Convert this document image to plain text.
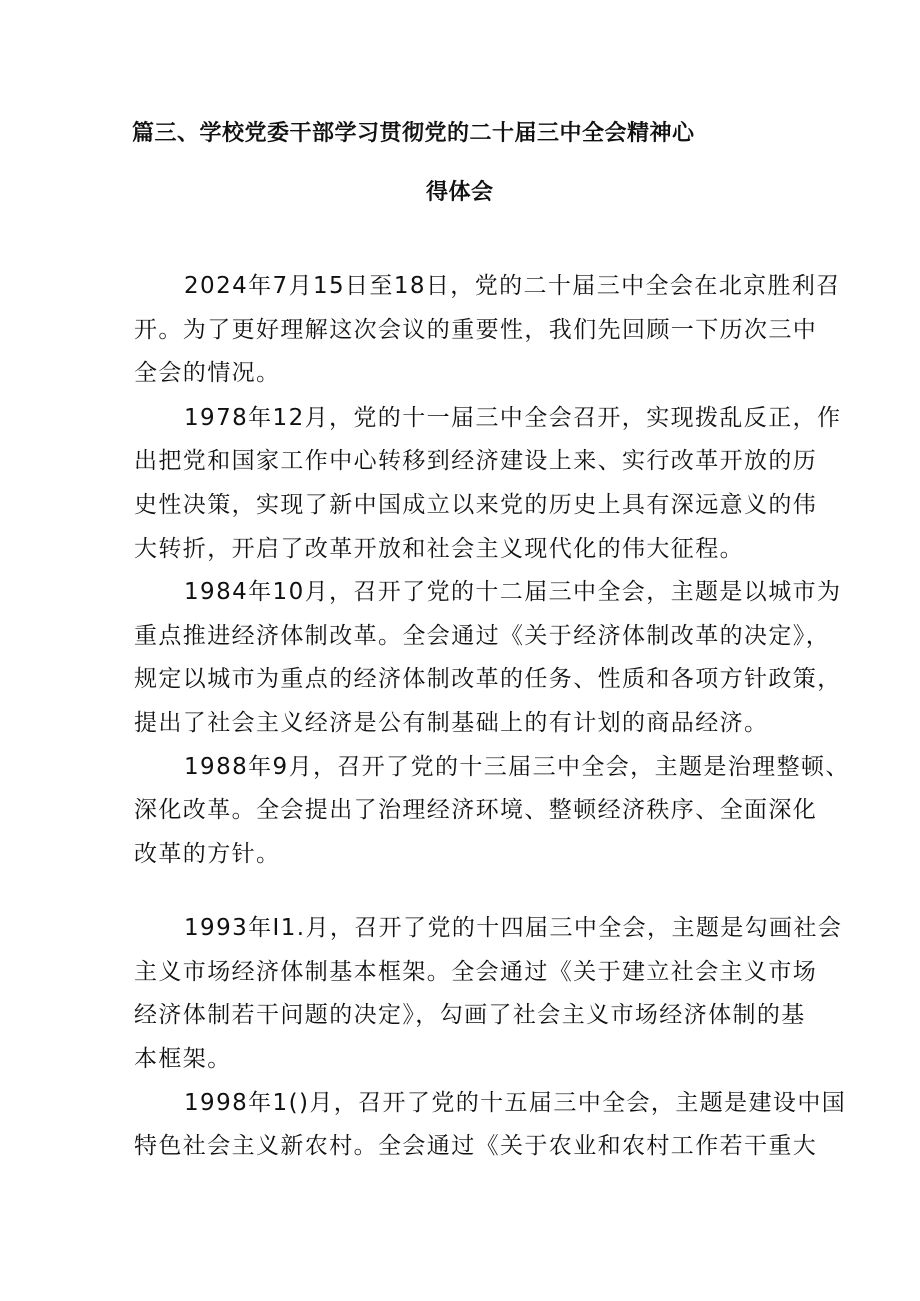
篇三、学校党委干部学习贯彻党的二十届三中全会精神心
得体会
2024年7月15日至18日，党的二十届三中全会在北京胜利召
开。为了更好理解这次会议的重要性，我们先回顾一下历次三中
全会的情况。
1978年12月，党的十一届三中全会召开，实现拨乱反正，作
出把党和国家工作中心转移到经济建设上来、实行改革开放的历
史性决策，实现了新中国成立以来党的历史上具有深远意义的伟
大转折，开启了改革开放和社会主义现代化的伟大征程。
1984年10月，召开了党的十二届三中全会，主题是以城市为
重点推进经济体制改革。全会通过《关于经济体制改革的决定》，
规定以城市为重点的经济体制改革的任务、性质和各项方针政策，
提出了社会主义经济是公有制基础上的有计划的商品经济。
1988年9月，召开了党的十三届三中全会，主题是治理整顿、
深化改革。全会提出了治理经济环境、整顿经济秩序、全面深化
改革的方针。
1993年I1.月，召开了党的十四届三中全会，主题是勾画社会
主义市场经济体制基本框架。全会通过《关于建立社会主义市场
经济体制若干问题的决定》，勾画了社会主义市场经济体制的基
本框架。
1998年1()月，召开了党的十五届三中全会，主题是建设中国
特色社会主义新农村。全会通过《关于农业和农村工作若干重大
